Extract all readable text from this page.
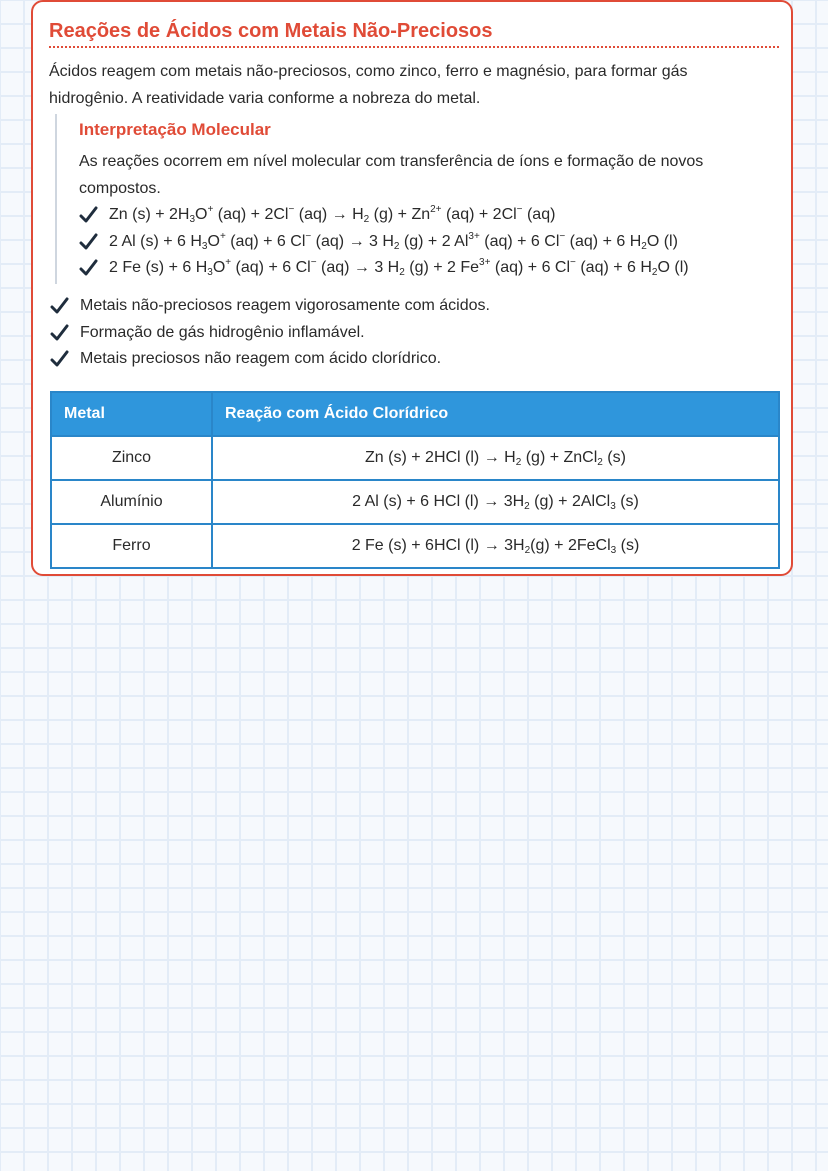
Reações de Ácidos com Metais Não-Preciosos

Ácidos reagem com metais não-preciosos, como zinco, ferro e magnésio, para formar gás hidrogênio. A reatividade varia conforme a nobreza do metal.

Interpretação Molecular

As reações ocorrem em nível molecular com transferência de íons e formação de novos compostos.

Zn $(s) + 2H_3O^+$ (aq) + 2Cl− $(aq) \to H_2$ $(g) + Zn^{2+}$ (aq) + 2Cl− (aq)
2 Al (s) + 6 $H_3O^+$ (aq) + 6 Cl− (aq) → 3 $H_2$ (g) + 2 $Al^{3+}$ (aq) + 6 Cl− (aq) + 6 $H_2O$ (l)
2 Fe (s) + 6 $H_3O^+$ (aq) + 6 Cl− (aq) → 3 $H_2$ (g) + 2 $Fe^{3+}$ (aq) + 6 Cl− (aq) + 6 $H_2O$ (l)
Metais não-preciosos reagem vigorosamente com ácidos.
Formação de gás hidrogênio inflamável.
Metais preciosos não reagem com ácido clorídrico.
Metal	Reação com Ácido Clorídrico
Zinco	Zn (s) + 2HCl $(l) \to H_2$ (g) + ZnCl$_2$ (s)
Alumínio	2 Al (s) + 6 HCl $(l) \to 3H_2$ (g) + 2AlCl$_3$ (s)
Ferro	2 Fe (s) + 6HCl $(l) \to 3H_2(g)$ + 2FeCl$_3$ (s)
